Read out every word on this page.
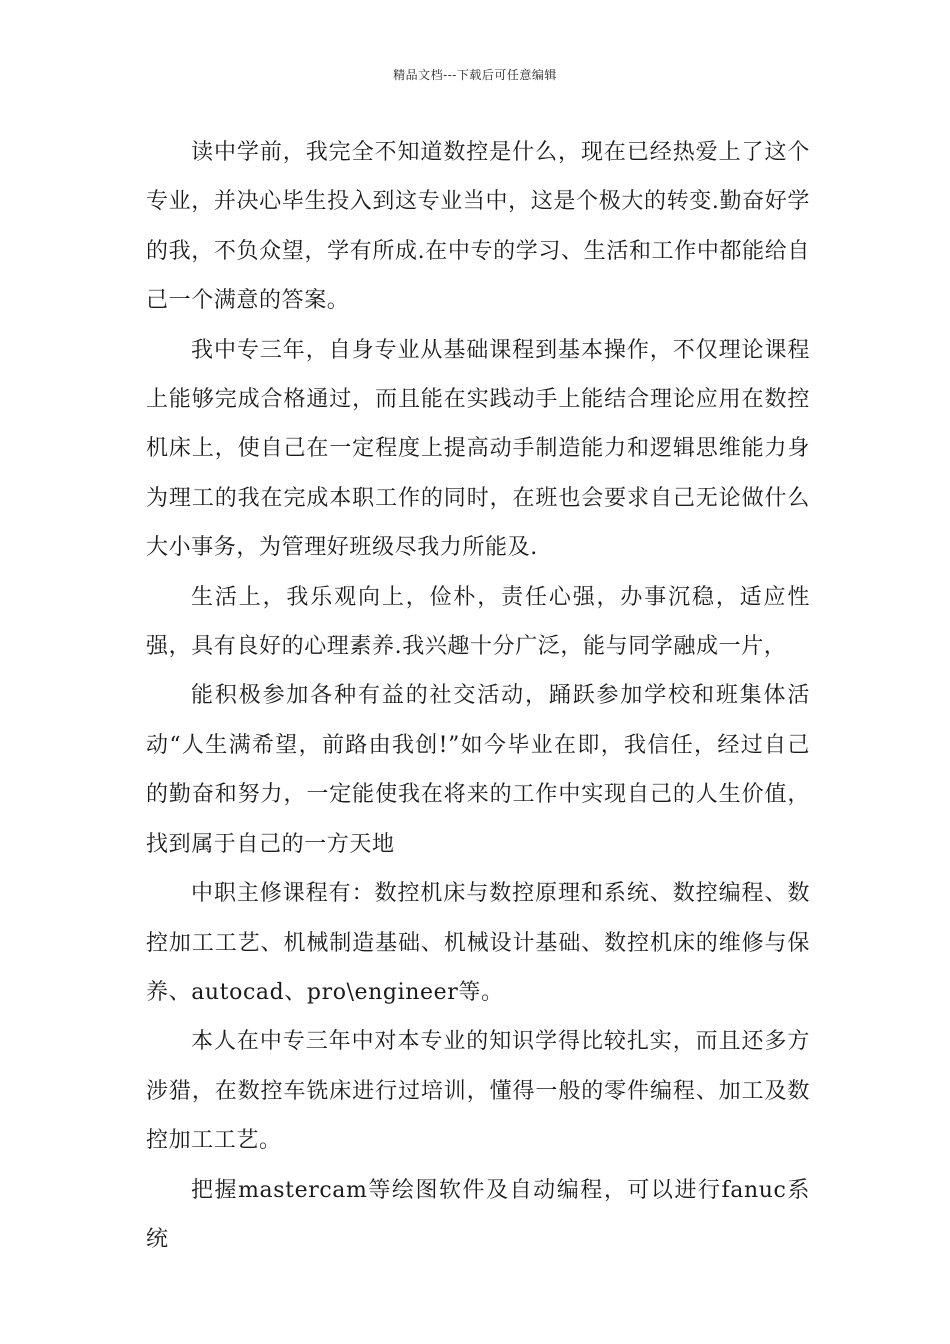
精品文档---下载后可任意编辑

读中学前，我完全不知道数控是什么，现在已经热爱上了这个专业，并决心毕生投入到这专业当中，这是个极大的转变.勤奋好学的我，不负众望，学有所成.在中专的学习、生活和工作中都能给自己一个满意的答案。

我中专三年，自身专业从基础课程到基本操作，不仅理论课程上能够完成合格通过，而且能在实践动手上能结合理论应用在数控机床上，使自己在一定程度上提高动手制造能力和逻辑思维能力身为理工的我在完成本职工作的同时，在班也会要求自己无论做什么大小事务，为管理好班级尽我力所能及.

生活上，我乐观向上，俭朴，责任心强，办事沉稳，适应性强，具有良好的心理素养.我兴趣十分广泛，能与同学融成一片，

能积极参加各种有益的社交活动，踊跃参加学校和班集体活动“人生满希望，前路由我创!”如今毕业在即，我信任，经过自己的勤奋和努力，一定能使我在将来的工作中实现自己的人生价值，找到属于自己的一方天地

中职主修课程有：数控机床与数控原理和系统、数控编程、数控加工工艺、机械制造基础、机械设计基础、数控机床的维修与保养、autocad、pro\engineer等。

本人在中专三年中对本专业的知识学得比较扎实，而且还多方涉猎，在数控车铣床进行过培训，懂得一般的零件编程、加工及数控加工工艺。

把握mastercam等绘图软件及自动编程，可以进行fanuc系统
